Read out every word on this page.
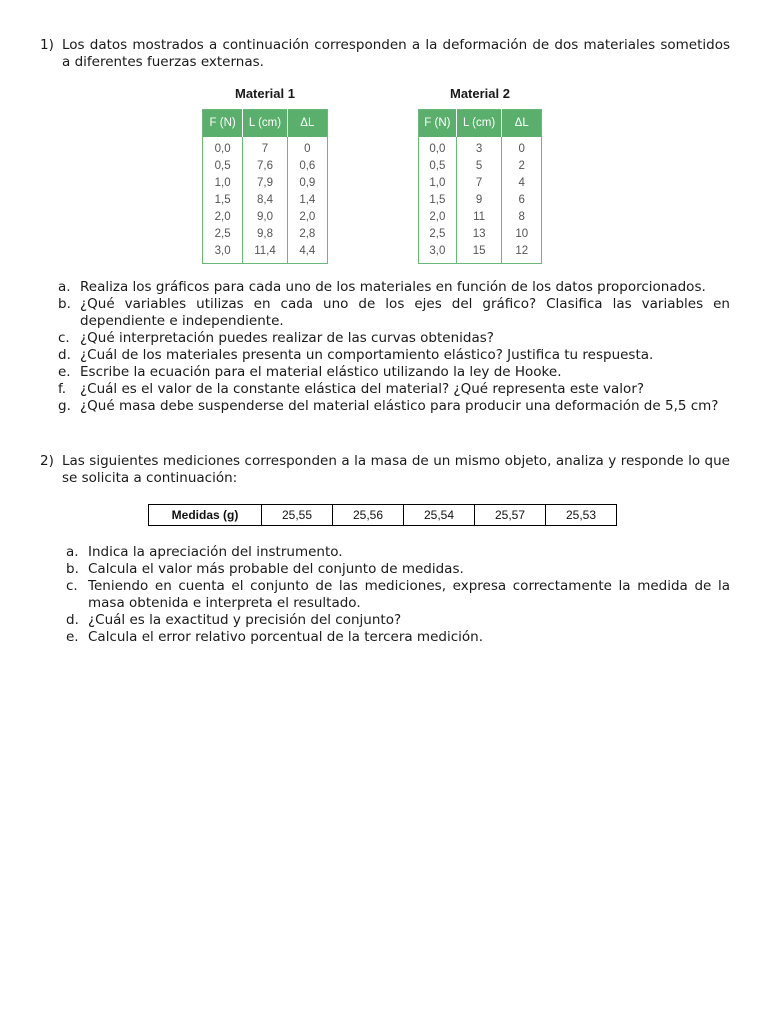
1) Los datos mostrados a continuación corresponden a la deformación de dos materiales sometidos a diferentes fuerzas externas.
Material 1
F (N)	L (cm)	ΔL
0,0	7	0
0,5	7,6	0,6
1,0	7,9	0,9
1,5	8,4	1,4
2,0	9,0	2,0
2,5	9,8	2,8
3,0	11,4	4,4
Material 2
F (N)	L (cm)	ΔL
0,0	3	0
0,5	5	2
1,0	7	4
1,5	9	6
2,0	11	8
2,5	13	10
3,0	15	12
a. Realiza los gráficos para cada uno de los materiales en función de los datos proporcionados.
b. ¿Qué variables utilizas en cada uno de los ejes del gráfico? Clasifica las variables en dependiente e independiente.
c. ¿Qué interpretación puedes realizar de las curvas obtenidas?
d. ¿Cuál de los materiales presenta un comportamiento elástico? Justifica tu respuesta.
e. Escribe la ecuación para el material elástico utilizando la ley de Hooke.
f.	¿Cuál es el valor de la constante elástica del material? ¿Qué representa este valor?
g. ¿Qué masa debe suspenderse del material elástico para producir una deformación de 5,5 cm?
2) Las siguientes mediciones corresponden a la masa de un mismo objeto, analiza y responde lo que se solicita a continuación:
Medidas (g)	25,55	25,56	25,54	25,57	25,53
a. Indica la apreciación del instrumento.
b. Calcula el valor más probable del conjunto de medidas.
c. Teniendo en cuenta el conjunto de las mediciones, expresa correctamente la medida de la masa obtenida e interpreta el resultado.
d. ¿Cuál es la exactitud y precisión del conjunto?
e. Calcula el error relativo porcentual de la tercera medición.
